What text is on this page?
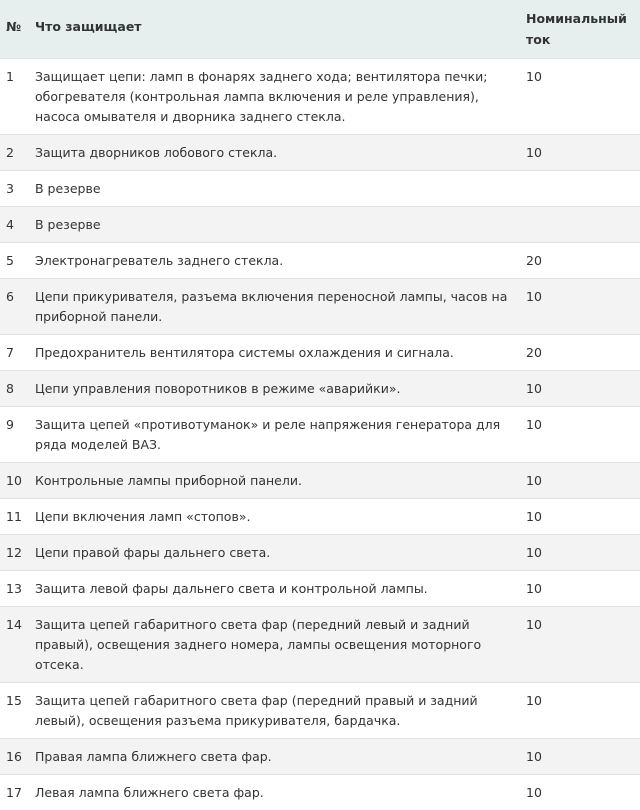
№	Что защищает	Номинальный ток
1	Защищает цепи: ламп в фонарях заднего хода; вентилятора печки; обогревателя (контрольная лампа включения и реле управления), насоса омывателя и дворника заднего стекла.	10
2	Защита дворников лобового стекла.	10
3	В резерве	
4	В резерве	
5	Электронагреватель заднего стекла.	20
6	Цепи прикуривателя, разъема включения переносной лампы, часов на приборной панели.	10
7	Предохранитель вентилятора системы охлаждения и сигнала.	20
8	Цепи управления поворотников в режиме «аварийки».	10
9	Защита цепей «противотуманок» и реле напряжения генератора для ряда моделей ВАЗ.	10
10	Контрольные лампы приборной панели.	10
11	Цепи включения ламп «стопов».	10
12	Цепи правой фары дальнего света.	10
13	Защита левой фары дальнего света и контрольной лампы.	10
14	Защита цепей габаритного света фар (передний левый и задний правый), освещения заднего номера, лампы освещения моторного отсека.	10
15	Защита цепей габаритного света фар (передний правый и задний левый), освещения разъема прикуривателя, бардачка.	10
16	Правая лампа ближнего света фар.	10
17	Левая лампа ближнего света фар.	10
